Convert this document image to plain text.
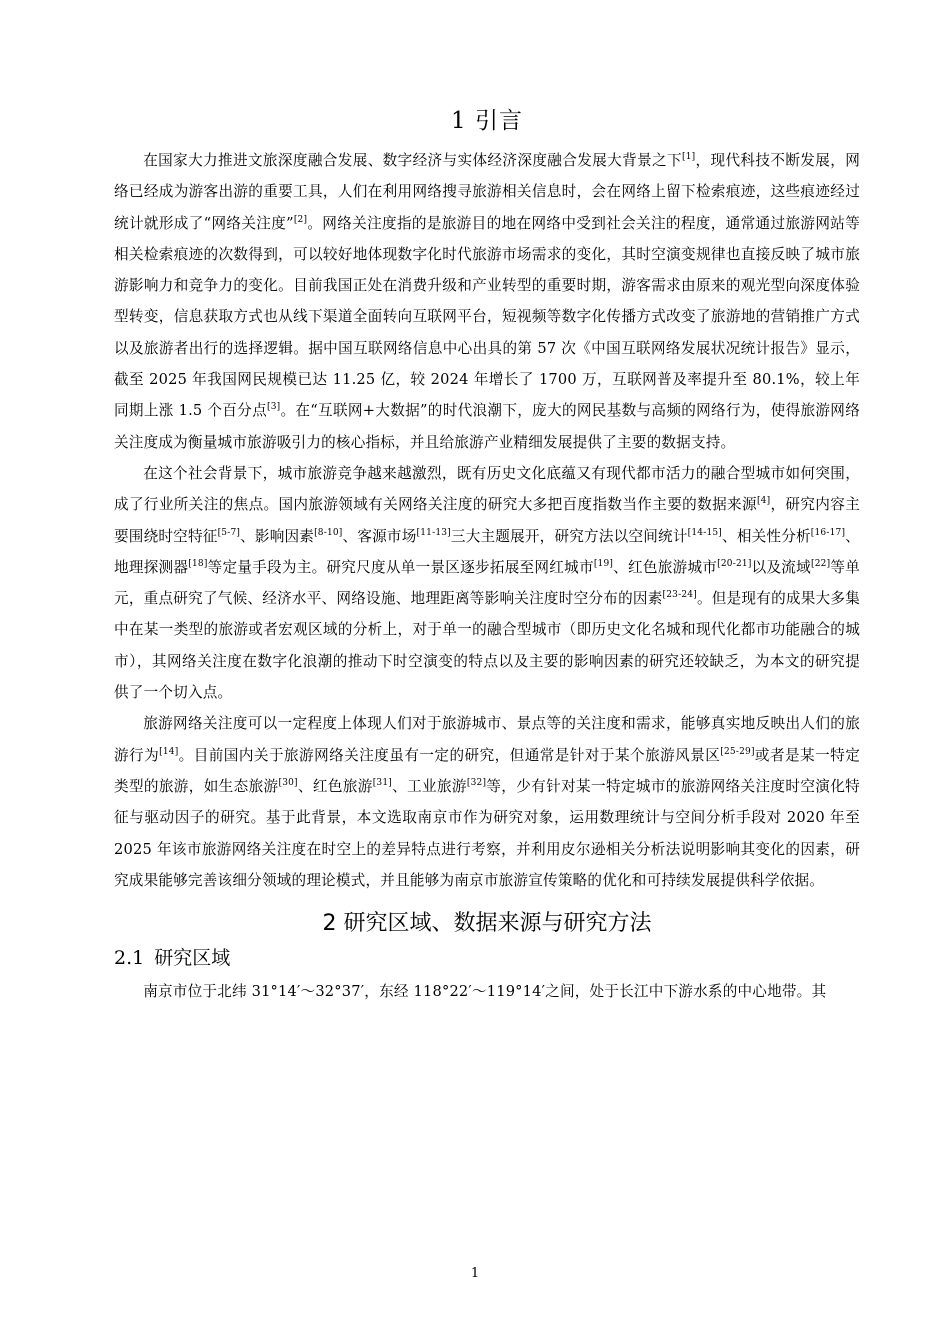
1 引言

在国家大力推进文旅深度融合发展、数字经济与实体经济深度融合发展大背景之下[1]，现代科技不断发展，网络已经成为游客出游的重要工具，人们在利用网络搜寻旅游相关信息时，会在网络上留下检索痕迹，这些痕迹经过统计就形成了“网络关注度”[2]。网络关注度指的是旅游目的地在网络中受到社会关注的程度，通常通过旅游网站等相关检索痕迹的次数得到，可以较好地体现数字化时代旅游市场需求的变化，其时空演变规律也直接反映了城市旅游影响力和竞争力的变化。目前我国正处在消费升级和产业转型的重要时期，游客需求由原来的观光型向深度体验型转变，信息获取方式也从线下渠道全面转向互联网平台，短视频等数字化传播方式改变了旅游地的营销推广方式以及旅游者出行的选择逻辑。据中国互联网络信息中心出具的第 57 次《中国互联网络发展状况统计报告》显示，截至 2025 年我国网民规模已达 11.25 亿，较 2024 年增长了 1700 万，互联网普及率提升至 80.1%，较上年同期上涨 1.5 个百分点[3]。在“互联网+大数据”的时代浪潮下，庞大的网民基数与高频的网络行为，使得旅游网络关注度成为衡量城市旅游吸引力的核心指标，并且给旅游产业精细发展提供了主要的数据支持。

在这个社会背景下，城市旅游竞争越来越激烈，既有历史文化底蕴又有现代都市活力的融合型城市如何突围，成了行业所关注的焦点。国内旅游领域有关网络关注度的研究大多把百度指数当作主要的数据来源[4]，研究内容主要围绕时空特征[5-7]、影响因素[8-10]、客源市场[11-13]三大主题展开，研究方法以空间统计[14-15]、相关性分析[16-17]、地理探测器[18]等定量手段为主。研究尺度从单一景区逐步拓展至网红城市[19]、红色旅游城市[20-21]以及流域[22]等单元，重点研究了气候、经济水平、网络设施、地理距离等影响关注度时空分布的因素[23-24]。但是现有的成果大多集中在某一类型的旅游或者宏观区域的分析上，对于单一的融合型城市（即历史文化名城和现代化都市功能融合的城市），其网络关注度在数字化浪潮的推动下时空演变的特点以及主要的影响因素的研究还较缺乏，为本文的研究提供了一个切入点。

旅游网络关注度可以一定程度上体现人们对于旅游城市、景点等的关注度和需求，能够真实地反映出人们的旅游行为[14]。目前国内关于旅游网络关注度虽有一定的研究，但通常是针对于某个旅游风景区[25-29]或者是某一特定类型的旅游，如生态旅游[30]、红色旅游[31]、工业旅游[32]等，少有针对某一特定城市的旅游网络关注度时空演化特征与驱动因子的研究。基于此背景，本文选取南京市作为研究对象，运用数理统计与空间分析手段对 2020 年至 2025 年该市旅游网络关注度在时空上的差异特点进行考察，并利用皮尔逊相关分析法说明影响其变化的因素，研究成果能够完善该细分领域的理论模式，并且能够为南京市旅游宣传策略的优化和可持续发展提供科学依据。

2 研究区域、数据来源与研究方法
2.1 研究区域

南京市位于北纬 31°14′～32°37′，东经 118°22′～119°14′之间，处于长江中下游水系的中心地带。其

1
